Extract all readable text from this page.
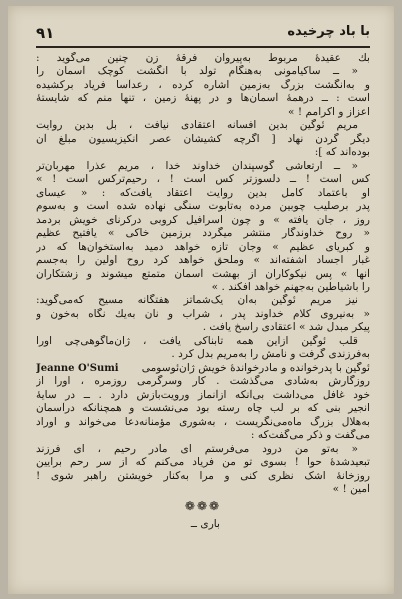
۹۱	با باد چرخیده
بك عقیدهٔ مربوط به‌پیروان فرقهٔ زن چنین می‌گوید :
« ــ ساکیامونی به‌هنگام تولد با انگشت کوچک آسمان را
و به‌انگشت بزرگ به‌زمین اشاره کرده ، رعدآسا فریاد برکشیده
است : ــ درهمهٔ آسمان‌ها و در پهنهٔ زمین ، تنها منم که شایستهٔ
اعزاز و اکرامم ! »
مریم ئوگین بدین افسانه اعتقادی نیافت ، بل بدین روایت
دیگر گردن نهاد [ اگرچه کشیشان عصر انکیزیسیون مبلغ آن
بوده‌اند که ]:
« ــ ارتعاشی گوسپندان خداوند خدا ، مریم عذرا مهربان‌تر
کس است ! ــ دلسوزتر کس است ! ، رحیم‌ترکس است ! »
او باعتماد کامل بدین روایت اعتقاد یافت‌که : « عیسای
پدر برصلیب چوبین مرده به‌تابوت سنگی نهاده شده است و به‌سوم
روز ، جان یافته » و چون اسرافیل کروبی درکرنای خویش بردمد
« روح خداوندگار منتشر میگردد برزمین خاکی » یافتیح عظیم
و کبریای عظیم » وجان تازه خواهد دمید به‌استخوان‌ها که در
غبار اجساد آشفته‌اند » وملحق خواهد کرد روح اولین را به‌جسم
آنها » پس نیکوکاران از بهشت آسمان متمتع میشوند و زشتکاران
را باشیاطین به‌جهنم خواهد افکند . »
نیز مریم ئوگین به‌آن یک‌شماتز هفتگانه مسیح که‌می‌گوید:
« به‌نیروی کلام خداوند پدر ، شراب و نان به‌یك نگاه به‌خون و
پیکر مبدل شد » اعتقادی راسخ یافت .
قلب ئوگین ازاین همه تابناکی یافت ، ژان‌ماگوهی‌چی اورا
به‌فرزندی گرفت و نامش را به‌مریم بدل کرد .
Jeanne O'Sumi	ئوگین با پدرخوانده و مادرخواندهٔ خویش ژان‌ئوسومی
روزگارش به‌شادی می‌گذشت . کار وسرگرمی روزمره ، اورا از
خود غافل می‌داشت بی‌آنکه ازآنماز ورویت‌بازش دارد . ــ در سایهٔ
انجیر بنی که بر لب چاه رسته بود می‌نشست و همچنانکه درآسمان
به‌هلال بزرگ ماه‌می‌نگریست ، به‌شوری مؤمنانه‌دعا می‌خواند و اوراد
می‌گفت و ذکر می‌گفت‌که :
« به‌تو من درود می‌فرستم ای مادر رحیم ، ای فرزند
تبعیدشدهٔ حوا ! بسوی تو من فریاد می‌کنم که از سر رحم برایین
روزخانهٔ اشک نظری کنی و مرا به‌کنار خویشتن راهبر شوی !
آمین ! »
❁❁❁
باری ــ
